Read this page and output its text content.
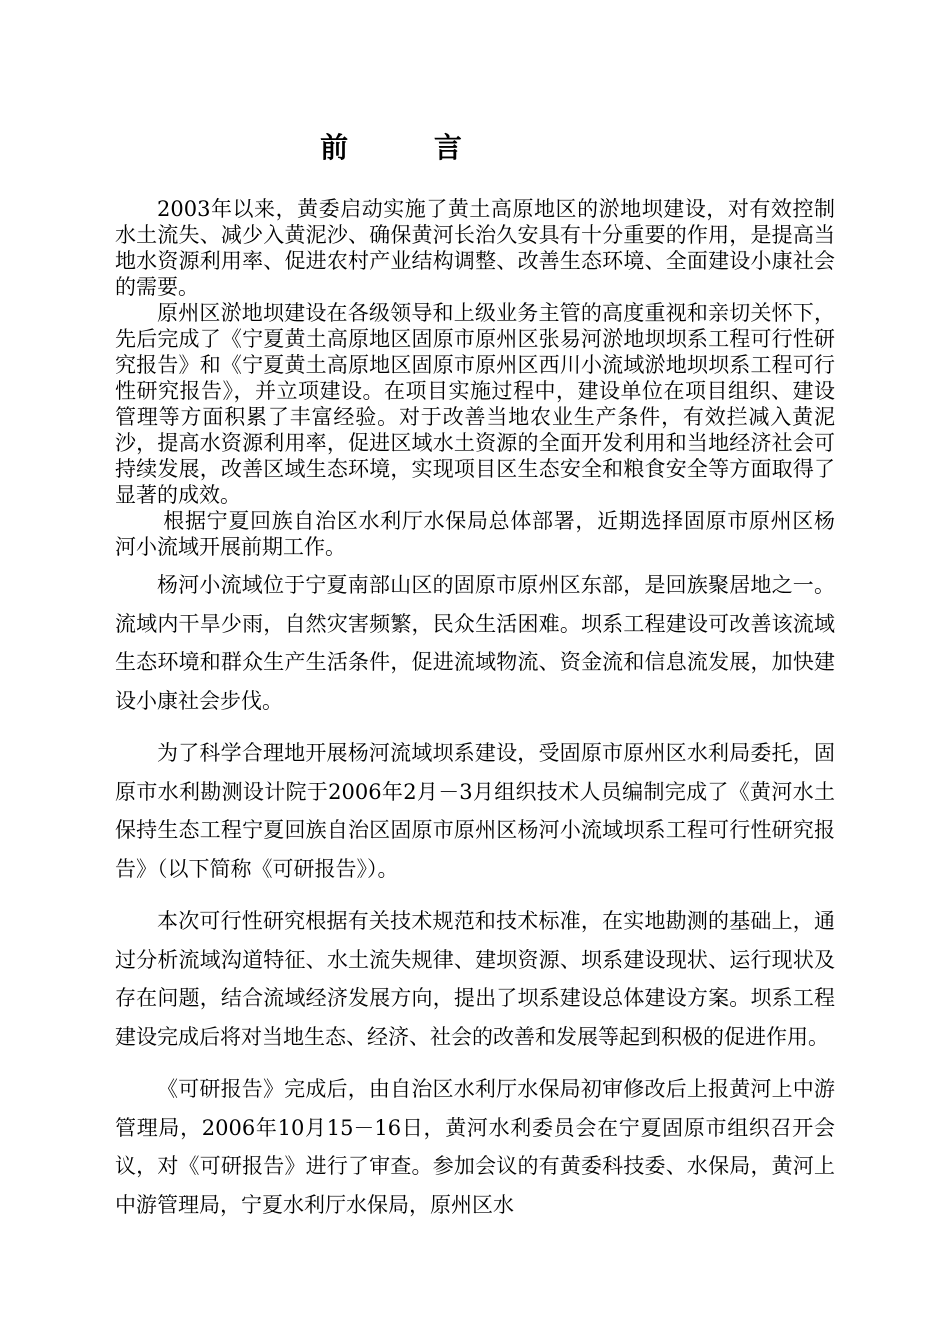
前 言

2003年以来，黄委启动实施了黄土高原地区的淤地坝建设，对有效控制水土流失、减少入黄泥沙、确保黄河长治久安具有十分重要的作用，是提高当地水资源利用率、促进农村产业结构调整、改善生态环境、全面建设小康社会的需要。

原州区淤地坝建设在各级领导和上级业务主管的高度重视和亲切关怀下，先后完成了《宁夏黄土高原地区固原市原州区张易河淤地坝坝系工程可行性研究报告》和《宁夏黄土高原地区固原市原州区西川小流域淤地坝坝系工程可行性研究报告》，并立项建设。在项目实施过程中，建设单位在项目组织、建设管理等方面积累了丰富经验。对于改善当地农业生产条件，有效拦减入黄泥沙，提高水资源利用率，促进区域水土资源的全面开发利用和当地经济社会可持续发展，改善区域生态环境，实现项目区生态安全和粮食安全等方面取得了显著的成效。

根据宁夏回族自治区水利厅水保局总体部署，近期选择固原市原州区杨河小流域开展前期工作。

杨河小流域位于宁夏南部山区的固原市原州区东部，是回族聚居地之一。流域内干旱少雨，自然灾害频繁，民众生活困难。坝系工程建设可改善该流域生态环境和群众生产生活条件，促进流域物流、资金流和信息流发展，加快建设小康社会步伐。

为了科学合理地开展杨河流域坝系建设，受固原市原州区水利局委托，固原市水利勘测设计院于2006年2月－3月组织技术人员编制完成了《黄河水土保持生态工程宁夏回族自治区固原市原州区杨河小流域坝系工程可行性研究报告》（以下简称《可研报告》）。

本次可行性研究根据有关技术规范和技术标准，在实地勘测的基础上，通过分析流域沟道特征、水土流失规律、建坝资源、坝系建设现状、运行现状及存在问题，结合流域经济发展方向，提出了坝系建设总体建设方案。坝系工程建设完成后将对当地生态、经济、社会的改善和发展等起到积极的促进作用。

《可研报告》完成后，由自治区水利厅水保局初审修改后上报黄河上中游管理局，2006年10月15－16日，黄河水利委员会在宁夏固原市组织召开会议，对《可研报告》进行了审查。参加会议的有黄委科技委、水保局，黄河上中游管理局，宁夏水利厅水保局，原州区水
